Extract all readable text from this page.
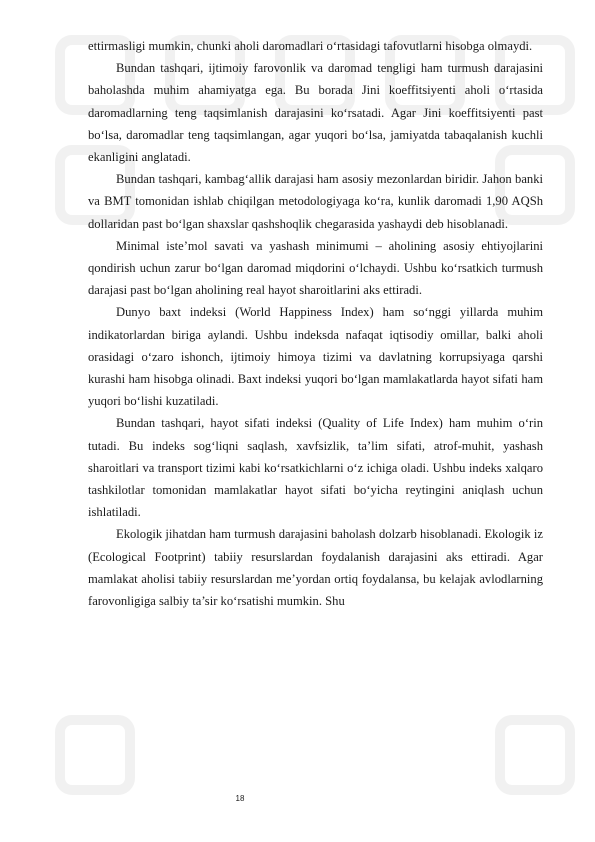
ettirmasligi mumkin, chunki aholi daromadlari o‘rtasidagi tafovutlarni hisobga olmaydi.

Bundan tashqari, ijtimoiy farovonlik va daromad tengligi ham turmush darajasini baholashda muhim ahamiyatga ega. Bu borada Jini koeffitsiyenti aholi o‘rtasida daromadlarning teng taqsimlanish darajasini ko‘rsatadi. Agar Jini koeffitsiyenti past bo‘lsa, daromadlar teng taqsimlangan, agar yuqori bo‘lsa, jamiyatda tabaqalanish kuchli ekanligini anglatadi.

Bundan tashqari, kambag‘allik darajasi ham asosiy mezonlardan biridir. Jahon banki va BMT tomonidan ishlab chiqilgan metodologiyaga ko‘ra, kunlik daromadi 1,90 AQSh dollaridan past bo‘lgan shaxslar qashshoqlik chegarasida yashaydi deb hisoblanadi.

Minimal iste’mol savati va yashash minimumi – aholining asosiy ehtiyojlarini qondirish uchun zarur bo‘lgan daromad miqdorini o‘lchaydi. Ushbu ko‘rsatkich turmush darajasi past bo‘lgan aholining real hayot sharoitlarini aks ettiradi.

Dunyo baxt indeksi (World Happiness Index) ham so‘nggi yillarda muhim indikatorlardan biriga aylandi. Ushbu indeksda nafaqat iqtisodiy omillar, balki aholi orasidagi o‘zaro ishonch, ijtimoiy himoya tizimi va davlatning korrupsiyaga qarshi kurashi ham hisobga olinadi. Baxt indeksi yuqori bo‘lgan mamlakatlarda hayot sifati ham yuqori bo‘lishi kuzatiladi.

Bundan tashqari, hayot sifati indeksi (Quality of Life Index) ham muhim o‘rin tutadi. Bu indeks sog‘liqni saqlash, xavfsizlik, ta’lim sifati, atrof-muhit, yashash sharoitlari va transport tizimi kabi ko‘rsatkichlarni o‘z ichiga oladi. Ushbu indeks xalqaro tashkilotlar tomonidan mamlakatlar hayot sifati bo‘yicha reytingini aniqlash uchun ishlatiladi.

Ekologik jihatdan ham turmush darajasini baholash dolzarb hisoblanadi. Ekologik iz (Ecological Footprint) tabiiy resurslardan foydalanish darajasini aks ettiradi. Agar mamlakat aholisi tabiiy resurslardan me’yordan ortiq foydalansa, bu kelajak avlodlarning farovonligiga salbiy ta’sir ko‘rsatishi mumkin. Shu

18
